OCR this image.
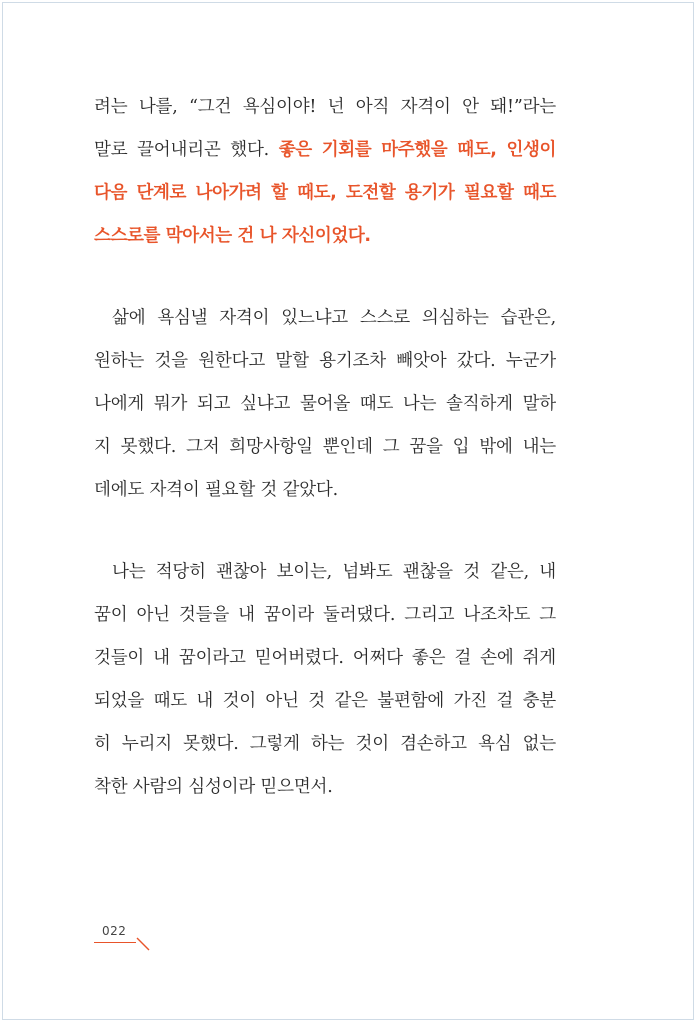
려는 나를, “그건 욕심이야! 넌 아직 자격이 안 돼!”라는
말로 끌어내리곤 했다. 좋은 기회를 마주했을 때도, 인생이
다음 단계로 나아가려 할 때도, 도전할 용기가 필요할 때도
스스로를 막아서는 건 나 자신이었다.
삶에 욕심낼 자격이 있느냐고 스스로 의심하는 습관은,
원하는 것을 원한다고 말할 용기조차 빼앗아 갔다. 누군가
나에게 뭐가 되고 싶냐고 물어올 때도 나는 솔직하게 말하
지 못했다. 그저 희망사항일 뿐인데 그 꿈을 입 밖에 내는
데에도 자격이 필요할 것 같았다.
나는 적당히 괜찮아 보이는, 넘봐도 괜찮을 것 같은, 내
꿈이 아닌 것들을 내 꿈이라 둘러댔다. 그리고 나조차도 그
것들이 내 꿈이라고 믿어버렸다. 어쩌다 좋은 걸 손에 쥐게
되었을 때도 내 것이 아닌 것 같은 불편함에 가진 걸 충분
히 누리지 못했다. 그렇게 하는 것이 겸손하고 욕심 없는
착한 사람의 심성이라 믿으면서.
022
